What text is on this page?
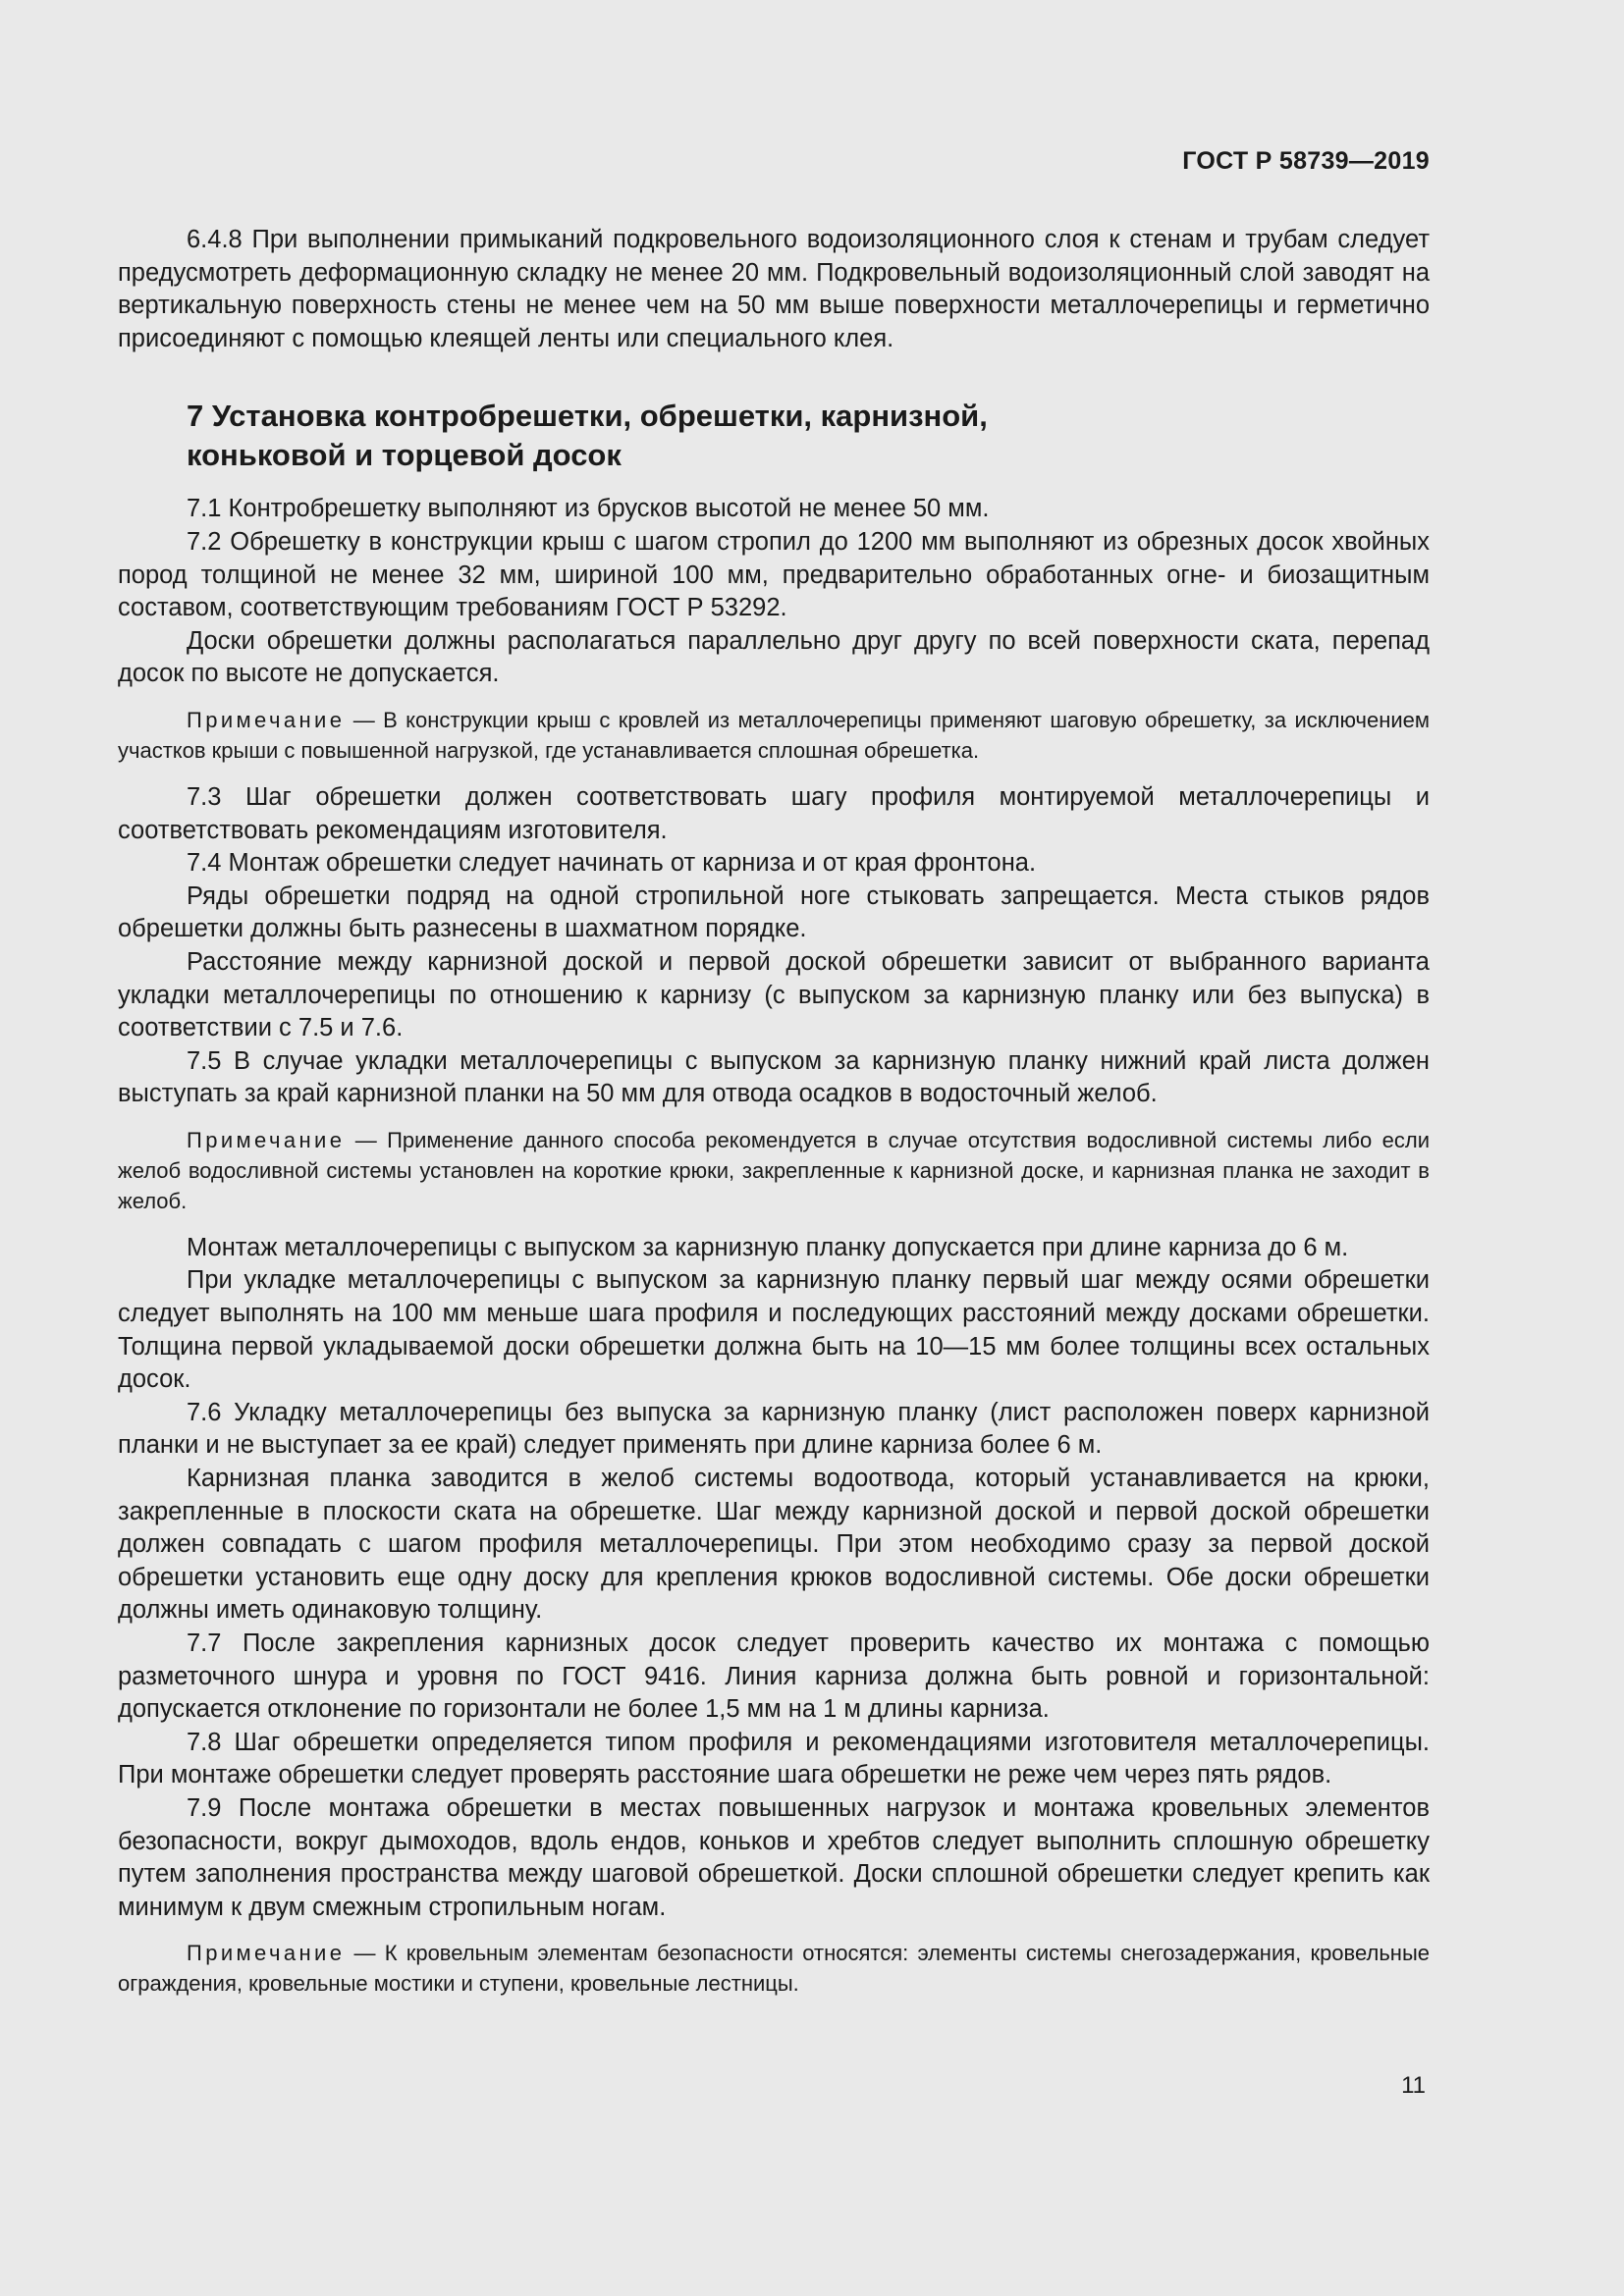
ГОСТ Р 58739—2019

6.4.8 При выполнении примыканий подкровельного водоизоляционного слоя к стенам и трубам следует предусмотреть деформационную складку не менее 20 мм. Подкровельный водоизоляционный слой заводят на вертикальную поверхность стены не менее чем на 50 мм выше поверхности металлочерепицы и герметично присоединяют с помощью клеящей ленты или специального клея.

7 Установка контробрешетки, обрешетки, карнизной,
коньковой и торцевой досок

7.1 Контробрешетку выполняют из брусков высотой не менее 50 мм.

7.2 Обрешетку в конструкции крыш с шагом стропил до 1200 мм выполняют из обрезных досок хвойных пород толщиной не менее 32 мм, шириной 100 мм, предварительно обработанных огне- и биозащитным составом, соответствующим требованиям ГОСТ Р 53292.

Доски обрешетки должны располагаться параллельно друг другу по всей поверхности ската, перепад досок по высоте не допускается.

Примечание — В конструкции крыш с кровлей из металлочерепицы применяют шаговую обрешетку, за исключением участков крыши с повышенной нагрузкой, где устанавливается сплошная обрешетка.

7.3 Шаг обрешетки должен соответствовать шагу профиля монтируемой металлочерепицы и соответствовать рекомендациям изготовителя.

7.4 Монтаж обрешетки следует начинать от карниза и от края фронтона.

Ряды обрешетки подряд на одной стропильной ноге стыковать запрещается. Места стыков рядов обрешетки должны быть разнесены в шахматном порядке.

Расстояние между карнизной доской и первой доской обрешетки зависит от выбранного варианта укладки металлочерепицы по отношению к карнизу (с выпуском за карнизную планку или без выпуска) в соответствии с 7.5 и 7.6.

7.5 В случае укладки металлочерепицы с выпуском за карнизную планку нижний край листа должен выступать за край карнизной планки на 50 мм для отвода осадков в водосточный желоб.

Примечание — Применение данного способа рекомендуется в случае отсутствия водосливной системы либо если желоб водосливной системы установлен на короткие крюки, закрепленные к карнизной доске, и карнизная планка не заходит в желоб.

Монтаж металлочерепицы с выпуском за карнизную планку допускается при длине карниза до 6 м.

При укладке металлочерепицы с выпуском за карнизную планку первый шаг между осями обрешетки следует выполнять на 100 мм меньше шага профиля и последующих расстояний между досками обрешетки. Толщина первой укладываемой доски обрешетки должна быть на 10—15 мм более толщины всех остальных досок.

7.6 Укладку металлочерепицы без выпуска за карнизную планку (лист расположен поверх карнизной планки и не выступает за ее край) следует применять при длине карниза более 6 м.

Карнизная планка заводится в желоб системы водоотвода, который устанавливается на крюки, закрепленные в плоскости ската на обрешетке. Шаг между карнизной доской и первой доской обрешетки должен совпадать с шагом профиля металлочерепицы. При этом необходимо сразу за первой доской обрешетки установить еще одну доску для крепления крюков водосливной системы. Обе доски обрешетки должны иметь одинаковую толщину.

7.7 После закрепления карнизных досок следует проверить качество их монтажа с помощью разметочного шнура и уровня по ГОСТ 9416. Линия карниза должна быть ровной и горизонтальной: допускается отклонение по горизонтали не более 1,5 мм на 1 м длины карниза.

7.8 Шаг обрешетки определяется типом профиля и рекомендациями изготовителя металлочерепицы. При монтаже обрешетки следует проверять расстояние шага обрешетки не реже чем через пять рядов.

7.9 После монтажа обрешетки в местах повышенных нагрузок и монтажа кровельных элементов безопасности, вокруг дымоходов, вдоль ендов, коньков и хребтов следует выполнить сплошную обрешетку путем заполнения пространства между шаговой обрешеткой. Доски сплошной обрешетки следует крепить как минимум к двум смежным стропильным ногам.

Примечание — К кровельным элементам безопасности относятся: элементы системы снегозадержания, кровельные ограждения, кровельные мостики и ступени, кровельные лестницы.
11
